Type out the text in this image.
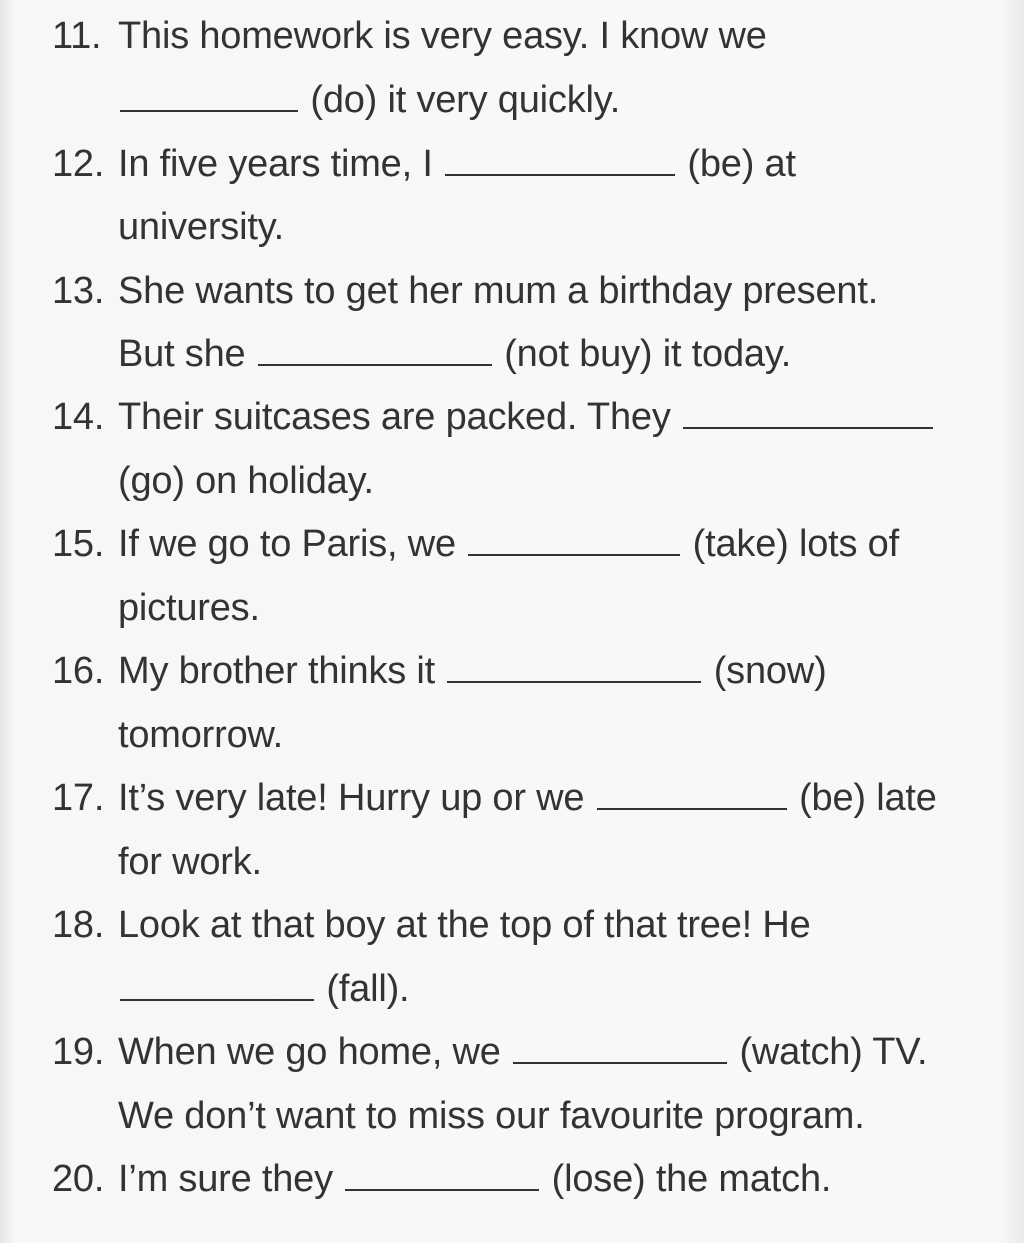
11. This homework is very easy. I know we
(do) it very quickly.
12. In five years time, I	(be) at
university.
13. She wants to get her mum a birthday present.
But she	(not buy) it today.
14. Their suitcases are packed. They
(go) on holiday.
15. If we go to Paris, we	(take) lots of
pictures.
16. My brother thinks it	(snow)
tomorrow.
17. It’s very late! Hurry up or we	(be) late
for work.
18. Look at that boy at the top of that tree! He
(fall).
19. When we go home, we	(watch) TV.
We don’t want to miss our favourite program.
20. I’m sure they	(lose) the match.
